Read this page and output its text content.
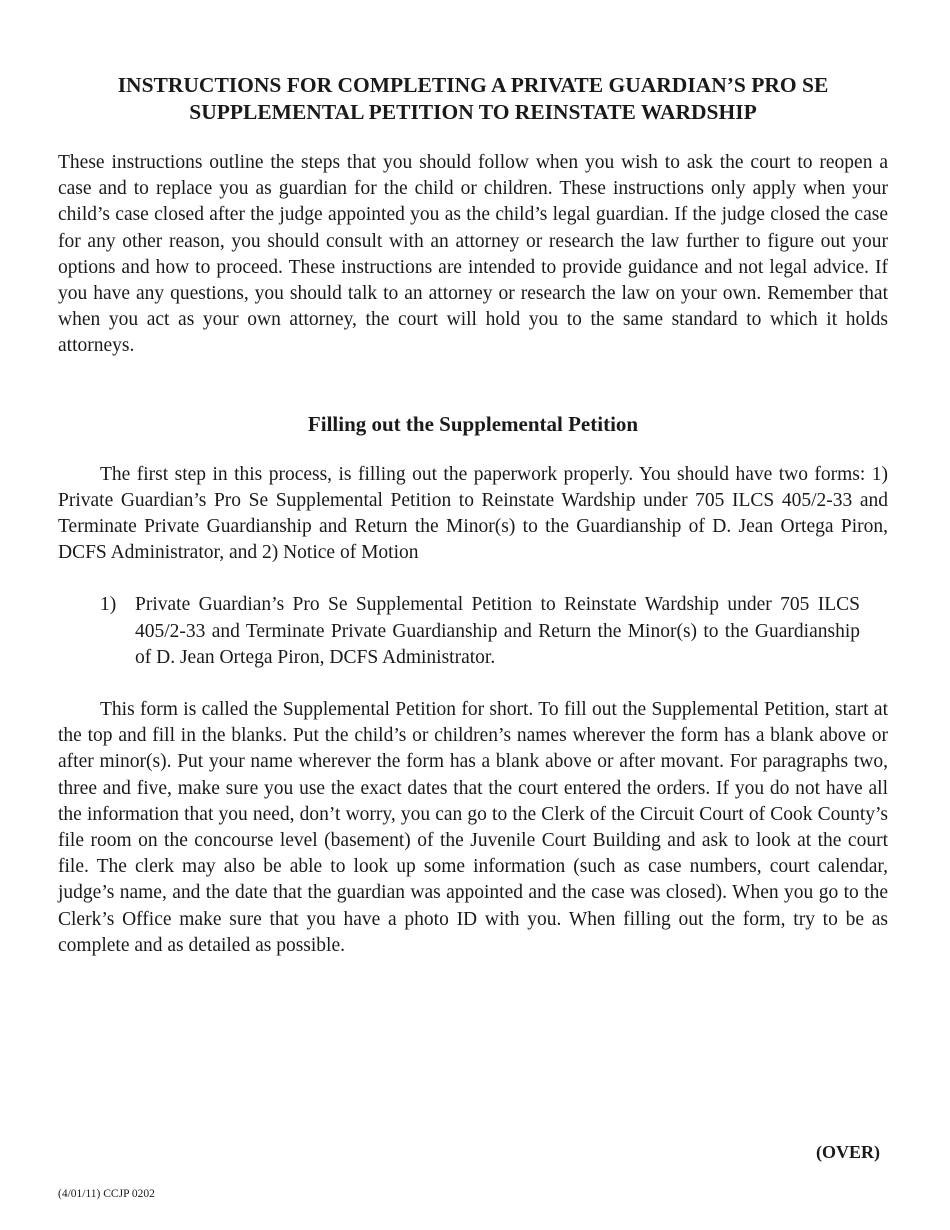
INSTRUCTIONS FOR COMPLETING A PRIVATE GUARDIAN’S PRO SE
SUPPLEMENTAL PETITION TO REINSTATE WARDSHIP

These instructions outline the steps that you should follow when you wish to ask the court to reopen a case and to replace you as guardian for the child or children. These instructions only apply when your child’s case closed after the judge appointed you as the child’s legal guardian. If the judge closed the case for any other reason, you should consult with an attorney or research the law further to figure out your options and how to proceed. These instructions are intended to provide guidance and not legal advice. If you have any questions, you should talk to an attorney or research the law on your own. Remember that when you act as your own attorney, the court will hold you to the same standard to which it holds attorneys.

Filling out the Supplemental Petition

The first step in this process, is filling out the paperwork properly. You should have two forms: 1) Private Guardian’s Pro Se Supplemental Petition to Reinstate Wardship under 705 ILCS 405/2-33 and Terminate Private Guardianship and Return the Minor(s) to the Guardianship of D. Jean Ortega Piron, DCFS Administrator, and 2) Notice of Motion

1) Private Guardian’s Pro Se Supplemental Petition to Reinstate Wardship under 705 ILCS 405/2-33 and Terminate Private Guardianship and Return the Minor(s) to the Guardianship of D. Jean Ortega Piron, DCFS Administrator.

This form is called the Supplemental Petition for short. To fill out the Supplemental Petition, start at the top and fill in the blanks. Put the child’s or children’s names wherever the form has a blank above or after minor(s). Put your name wherever the form has a blank above or after movant. For paragraphs two, three and five, make sure you use the exact dates that the court entered the orders. If you do not have all the information that you need, don’t worry, you can go to the Clerk of the Circuit Court of Cook County’s file room on the concourse level (basement) of the Juvenile Court Building and ask to look at the court file. The clerk may also be able to look up some information (such as case numbers, court calendar, judge’s name, and the date that the guardian was appointed and the case was closed). When you go to the Clerk’s Office make sure that you have a photo ID with you. When filling out the form, try to be as complete and as detailed as possible.

(OVER)
(4/01/11) CCJP 0202
